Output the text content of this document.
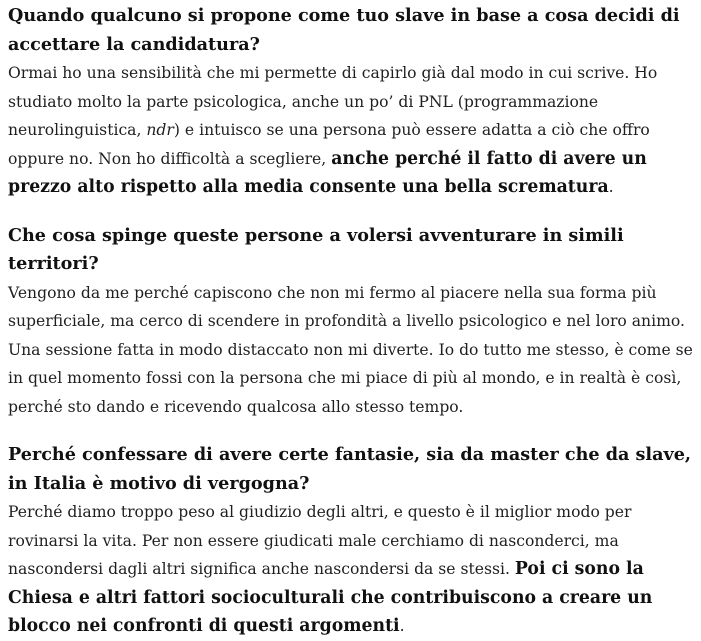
Quando qualcuno si propone come tuo slave in base a cosa decidi di accettare la candidatura?

Ormai ho una sensibilità che mi permette di capirlo già dal modo in cui scrive. Ho studiato molto la parte psicologica, anche un po’ di PNL (programmazione neurolinguistica, ndr) e intuisco se una persona può essere adatta a ciò che offro oppure no. Non ho difficoltà a scegliere, anche perché il fatto di avere un prezzo alto rispetto alla media consente una bella scrematura.

Che cosa spinge queste persone a volersi avventurare in simili territori?

Vengono da me perché capiscono che non mi fermo al piacere nella sua forma più superficiale, ma cerco di scendere in profondità a livello psicologico e nel loro animo. Una sessione fatta in modo distaccato non mi diverte. Io do tutto me stesso, è come se in quel momento fossi con la persona che mi piace di più al mondo, e in realtà è così, perché sto dando e ricevendo qualcosa allo stesso tempo.

Perché confessare di avere certe fantasie, sia da master che da slave, in Italia è motivo di vergogna?

Perché diamo troppo peso al giudizio degli altri, e questo è il miglior modo per rovinarsi la vita. Per non essere giudicati male cerchiamo di nasconderci, ma nascondersi dagli altri significa anche nascondersi da se stessi. Poi ci sono la Chiesa e altri fattori socioculturali che contribuiscono a creare un blocco nei confronti di questi argomenti.
